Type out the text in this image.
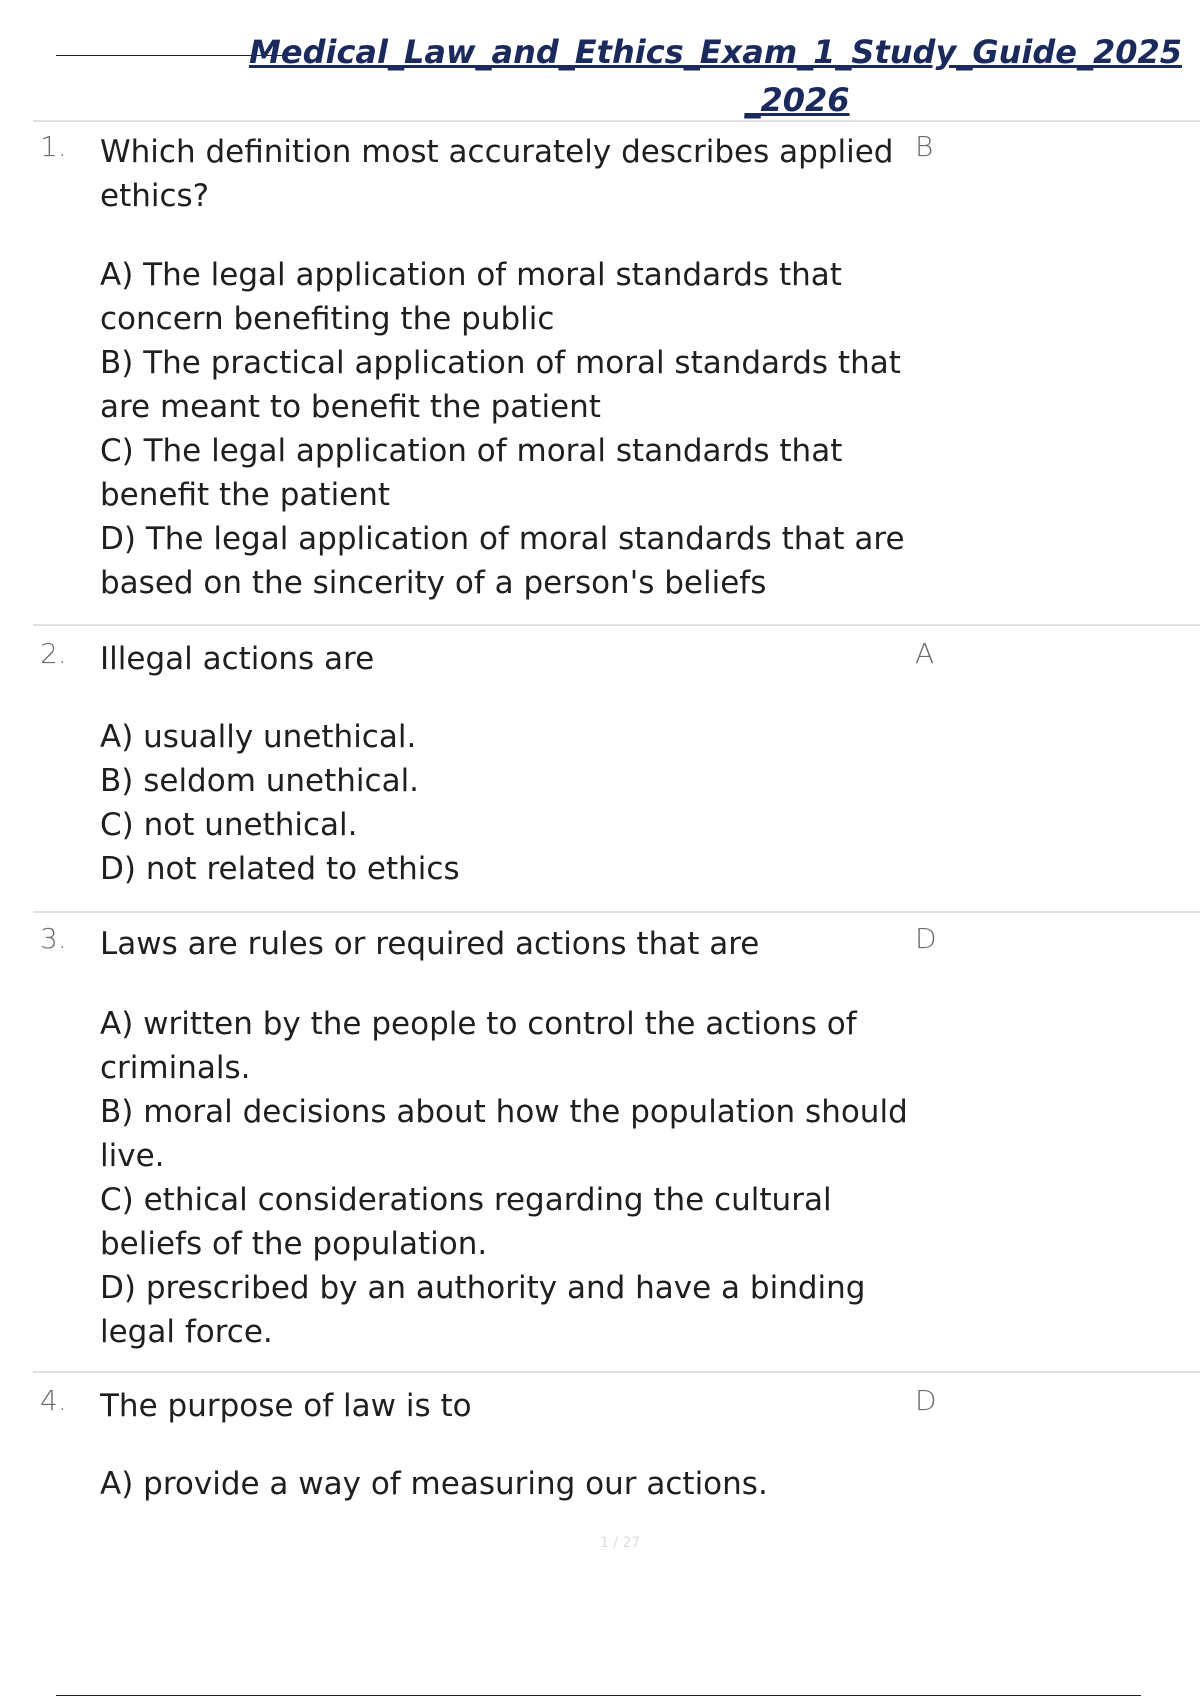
Medical_Law_and_Ethics_Exam_1_Study_Guide_2025
_2026
1. Which definition most accurately describes applied ethics?
B

A) The legal application of moral standards that concern benefiting the public

B) The practical application of moral standards that are meant to benefit the patient

C) The legal application of moral standards that benefit the patient

D) The legal application of moral standards that are based on the sincerity of a person's beliefs

2. Illegal actions are	A

A) usually unethical.

B) seldom unethical.

C) not unethical.

D) not related to ethics

3. Laws are rules or required actions that are	D

A) written by the people to control the actions of criminals.

B) moral decisions about how the population should live.

C) ethical considerations regarding the cultural beliefs of the population.

D) prescribed by an authority and have a binding legal force.

4. The purpose of law is to	D

A) provide a way of measuring our actions.

1 / 27
